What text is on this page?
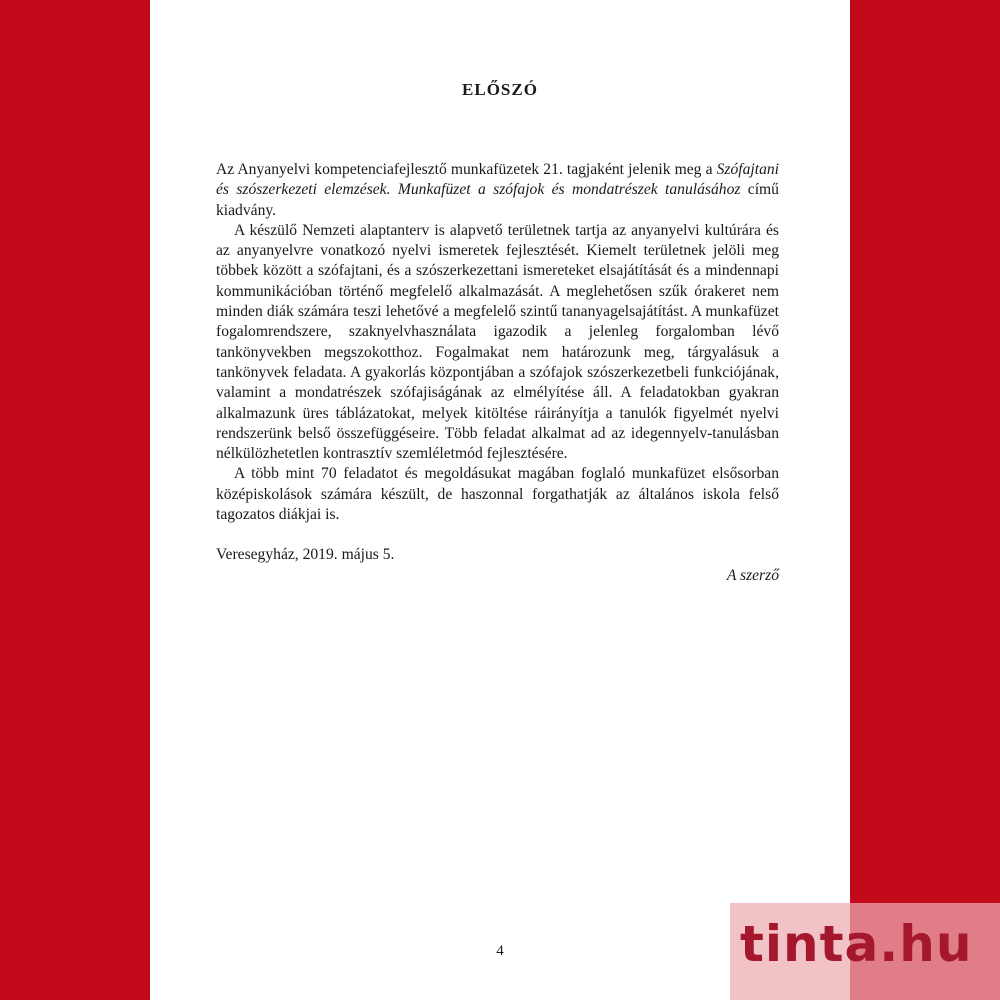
ELŐSZÓ

Az Anyanyelvi kompetenciafejlesztő munkafüzetek 21. tagjaként jelenik meg a Szófajtani és szószerkezeti elemzések. Munkafüzet a szófajok és mondatrészek tanulásához című kiadvány.

A készülő Nemzeti alaptanterv is alapvető területnek tartja az anyanyelvi kultúrára és az anyanyelvre vonatkozó nyelvi ismeretek fejlesztését. Kiemelt területnek jelöli meg többek között a szófajtani, és a szószerkezettani ismereteket elsajátítását és a mindennapi kommunikációban történő megfelelő alkalmazását. A meglehetősen szűk órakeret nem minden diák számára teszi lehetővé a megfelelő szintű tananyagelsajátítást. A munkafüzet fogalomrendszere, szaknyelvhasználata igazodik a jelenleg forgalomban lévő tankönyvekben megszokotthoz. Fogalmakat nem határozunk meg, tárgyalásuk a tankönyvek feladata. A gyakorlás központjában a szófajok szószerkezetbeli funkciójának, valamint a mondatrészek szófajiságának az elmélyítése áll. A feladatokban gyakran alkalmazunk üres táblázatokat, melyek kitöltése ráirányítja a tanulók figyelmét nyelvi rendszerünk belső összefüggéseire. Több feladat alkalmat ad az idegennyelv-tanulásban nélkülözhetetlen kontrasztív szemléletmód fejlesztésére.

A több mint 70 feladatot és megoldásukat magában foglaló munkafüzet elsősorban középiskolások számára készült, de haszonnal forgathatják az általános iskola felső tagozatos diákjai is.

Veresegyház, 2019. május 5.

A szerző

4	tinta.hu
